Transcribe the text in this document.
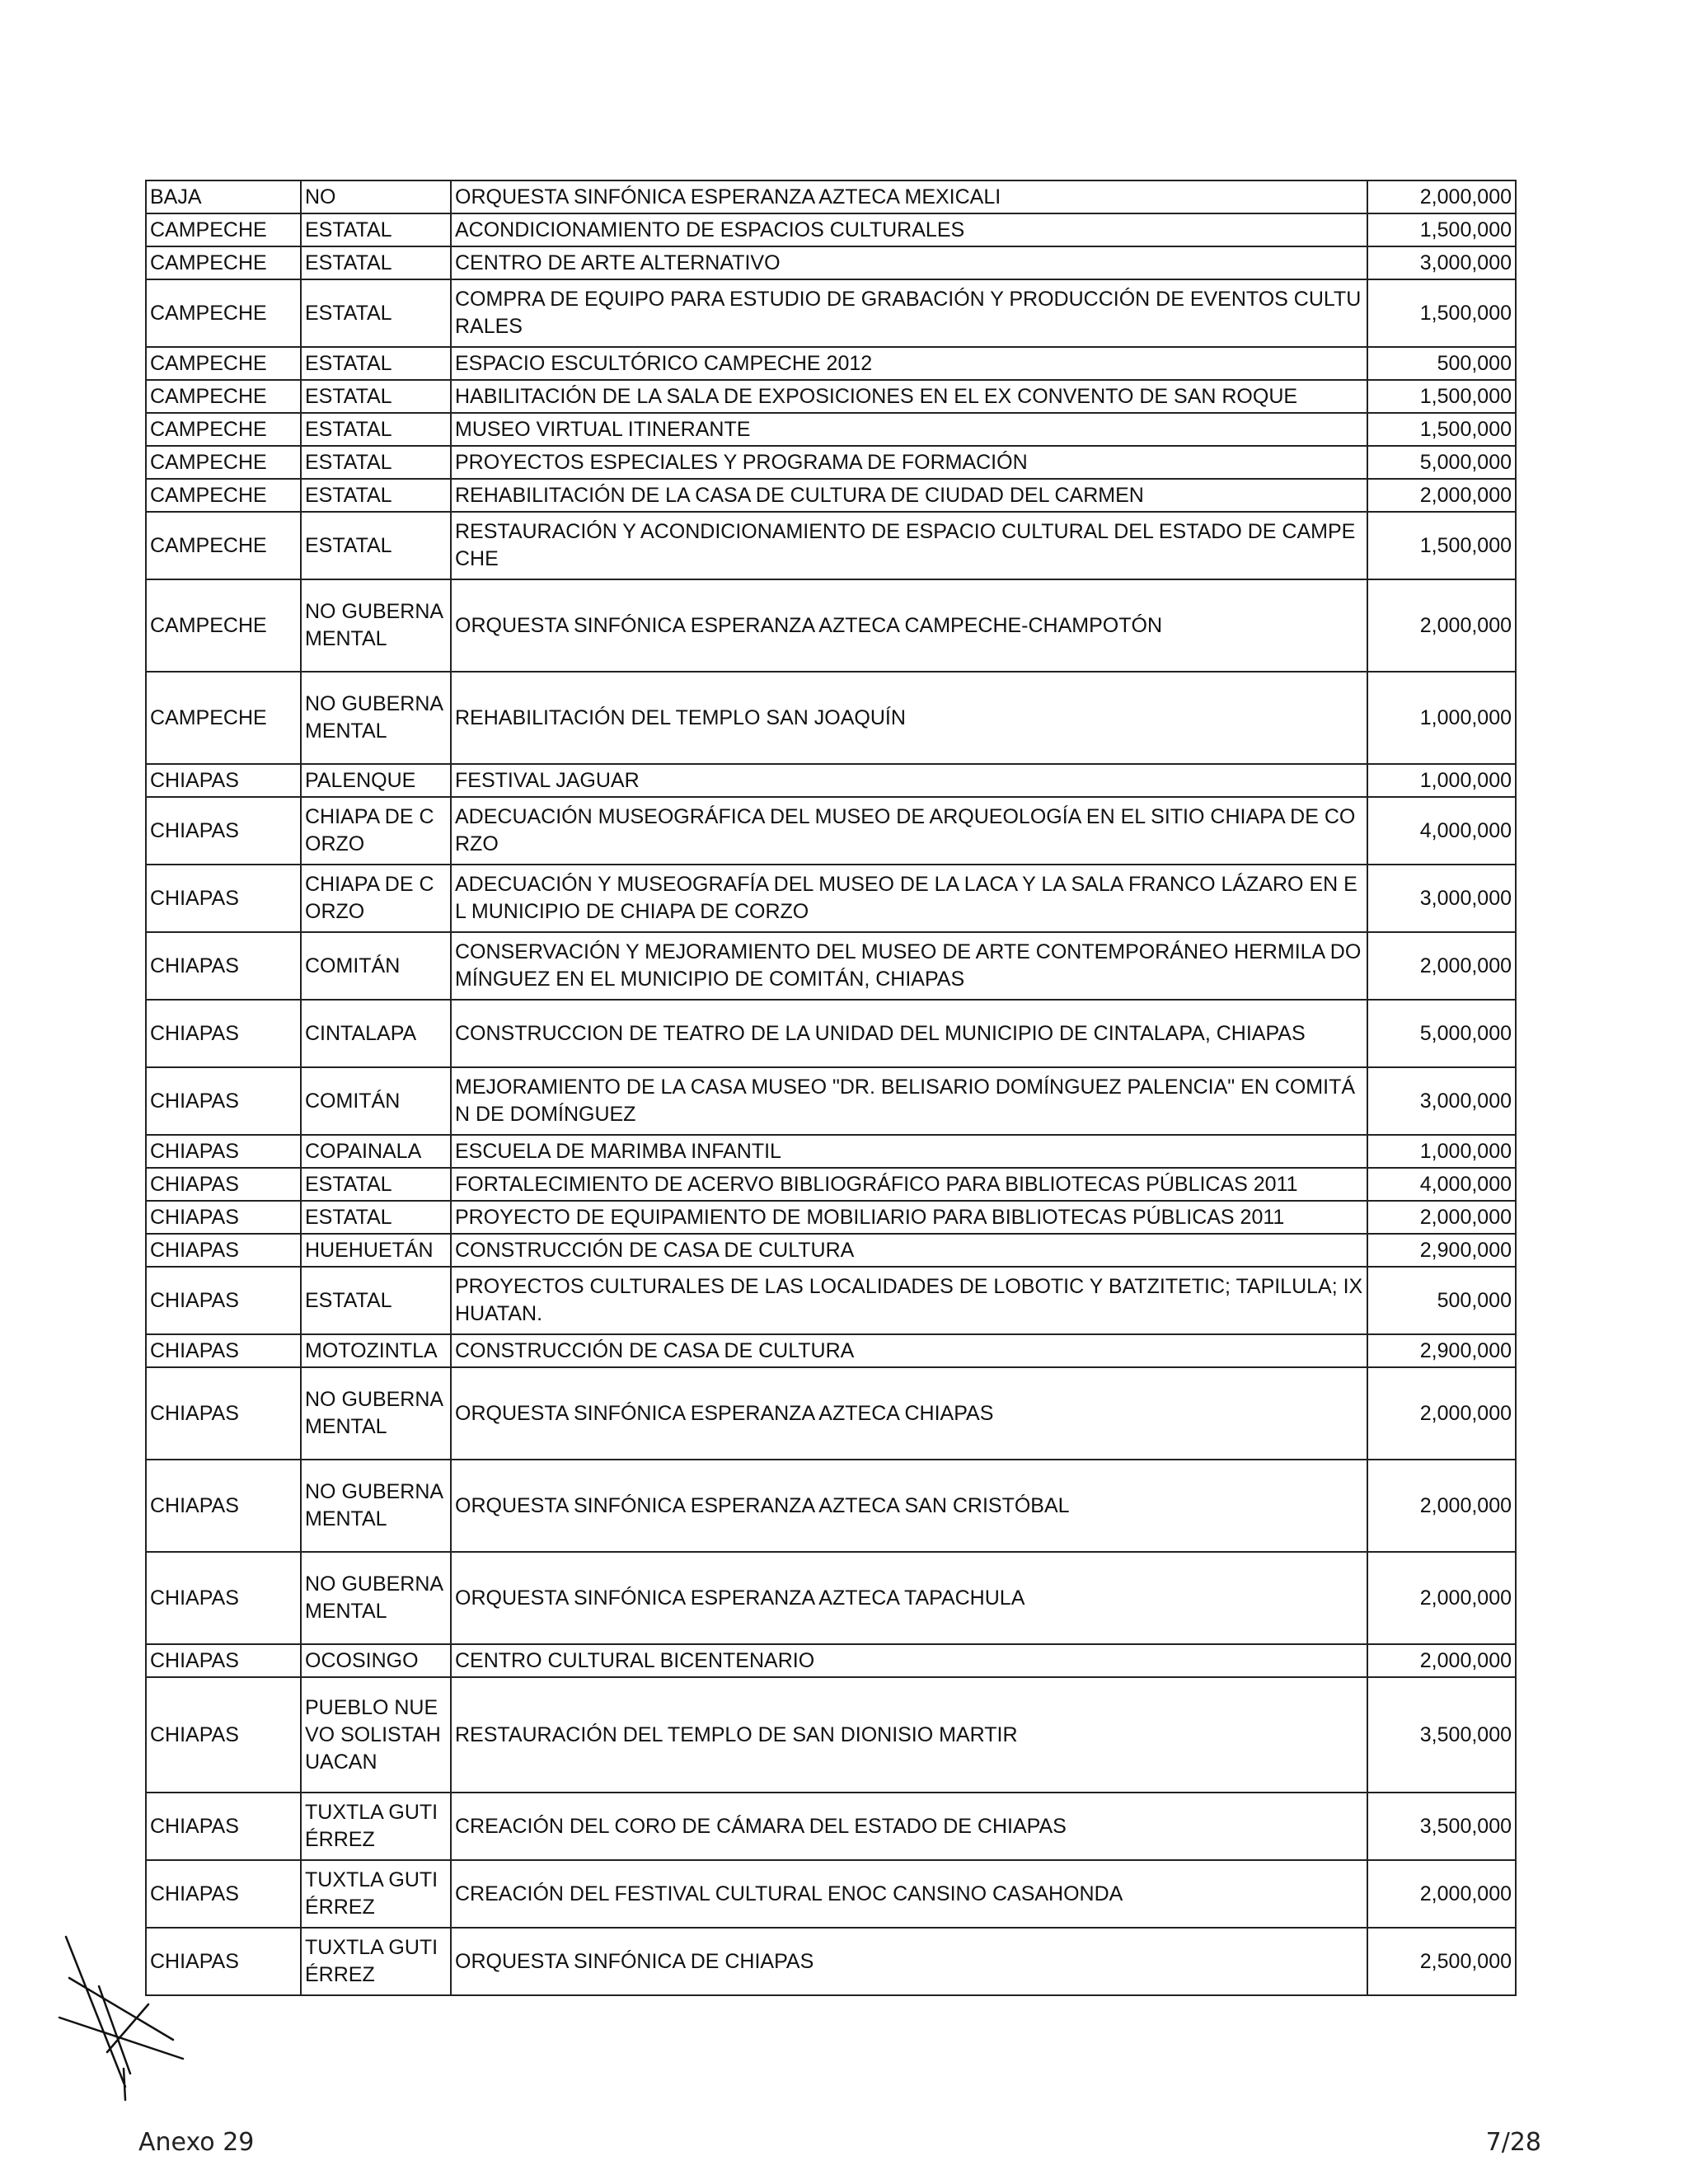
BAJA	NO	ORQUESTA SINFÓNICA ESPERANZA AZTECA MEXICALI	2,000,000
CAMPECHE	ESTATAL	ACONDICIONAMIENTO DE ESPACIOS CULTURALES	1,500,000
CAMPECHE	ESTATAL	CENTRO DE ARTE ALTERNATIVO	3,000,000
CAMPECHE	ESTATAL	COMPRA DE EQUIPO PARA ESTUDIO DE GRABACIÓN Y PRODUCCIÓN DE EVENTOS CULTURALES	1,500,000
CAMPECHE	ESTATAL	ESPACIO ESCULTÓRICO CAMPECHE 2012	500,000
CAMPECHE	ESTATAL	HABILITACIÓN DE LA SALA DE EXPOSICIONES EN EL EX CONVENTO DE SAN ROQUE	1,500,000
CAMPECHE	ESTATAL	MUSEO VIRTUAL ITINERANTE	1,500,000
CAMPECHE	ESTATAL	PROYECTOS ESPECIALES Y PROGRAMA DE FORMACIÓN	5,000,000
CAMPECHE	ESTATAL	REHABILITACIÓN DE LA CASA DE CULTURA DE CIUDAD DEL CARMEN	2,000,000
CAMPECHE	ESTATAL	RESTAURACIÓN Y ACONDICIONAMIENTO DE ESPACIO CULTURAL DEL ESTADO DE CAMPECHE	1,500,000
CAMPECHE	NO GUBERNAMENTAL	ORQUESTA SINFÓNICA ESPERANZA AZTECA CAMPECHE-CHAMPOTÓN	2,000,000
CAMPECHE	NO GUBERNAMENTAL	REHABILITACIÓN DEL TEMPLO SAN JOAQUÍN	1,000,000
CHIAPAS	PALENQUE	FESTIVAL JAGUAR	1,000,000
CHIAPAS	CHIAPA DE CORZO	ADECUACIÓN MUSEOGRÁFICA DEL MUSEO DE ARQUEOLOGÍA EN EL SITIO CHIAPA DE CORZO	4,000,000
CHIAPAS	CHIAPA DE CORZO	ADECUACIÓN Y MUSEOGRAFÍA DEL MUSEO DE LA LACA Y LA SALA FRANCO LÁZARO EN EL MUNICIPIO DE CHIAPA DE CORZO	3,000,000
CHIAPAS	COMITÁN	CONSERVACIÓN Y MEJORAMIENTO DEL MUSEO DE ARTE CONTEMPORÁNEO HERMILA DOMÍNGUEZ EN EL MUNICIPIO DE COMITÁN, CHIAPAS	2,000,000
CHIAPAS	CINTALAPA	CONSTRUCCION DE TEATRO DE LA UNIDAD DEL MUNICIPIO DE CINTALAPA, CHIAPAS	5,000,000
CHIAPAS	COMITÁN	MEJORAMIENTO DE LA CASA MUSEO "DR. BELISARIO DOMÍNGUEZ PALENCIA" EN COMITÁN DE DOMÍNGUEZ	3,000,000
CHIAPAS	COPAINALA	ESCUELA DE MARIMBA INFANTIL	1,000,000
CHIAPAS	ESTATAL	FORTALECIMIENTO DE ACERVO BIBLIOGRÁFICO PARA BIBLIOTECAS PÚBLICAS 2011	4,000,000
CHIAPAS	ESTATAL	PROYECTO DE EQUIPAMIENTO DE MOBILIARIO PARA BIBLIOTECAS PÚBLICAS 2011	2,000,000
CHIAPAS	HUEHUETÁN	CONSTRUCCIÓN DE CASA DE CULTURA	2,900,000
CHIAPAS	ESTATAL	PROYECTOS CULTURALES DE LAS LOCALIDADES DE LOBOTIC Y BATZITETIC; TAPILULA; IXHUATAN.	500,000
CHIAPAS	MOTOZINTLA	CONSTRUCCIÓN DE CASA DE CULTURA	2,900,000
CHIAPAS	NO GUBERNAMENTAL	ORQUESTA SINFÓNICA ESPERANZA AZTECA CHIAPAS	2,000,000
CHIAPAS	NO GUBERNAMENTAL	ORQUESTA SINFÓNICA ESPERANZA AZTECA SAN CRISTÓBAL	2,000,000
CHIAPAS	NO GUBERNAMENTAL	ORQUESTA SINFÓNICA ESPERANZA AZTECA TAPACHULA	2,000,000
CHIAPAS	OCOSINGO	CENTRO CULTURAL BICENTENARIO	2,000,000
CHIAPAS	PUEBLO NUEVO SOLISTAHUACAN	RESTAURACIÓN DEL TEMPLO DE SAN DIONISIO MARTIR	3,500,000
CHIAPAS	TUXTLA GUTIÉRREZ	CREACIÓN DEL CORO DE CÁMARA DEL ESTADO DE CHIAPAS	3,500,000
CHIAPAS	TUXTLA GUTIÉRREZ	CREACIÓN DEL FESTIVAL CULTURAL ENOC CANSINO CASAHONDA	2,000,000
CHIAPAS	TUXTLA GUTIÉRREZ	ORQUESTA SINFÓNICA DE CHIAPAS	2,500,000
Anexo 29	7/28
